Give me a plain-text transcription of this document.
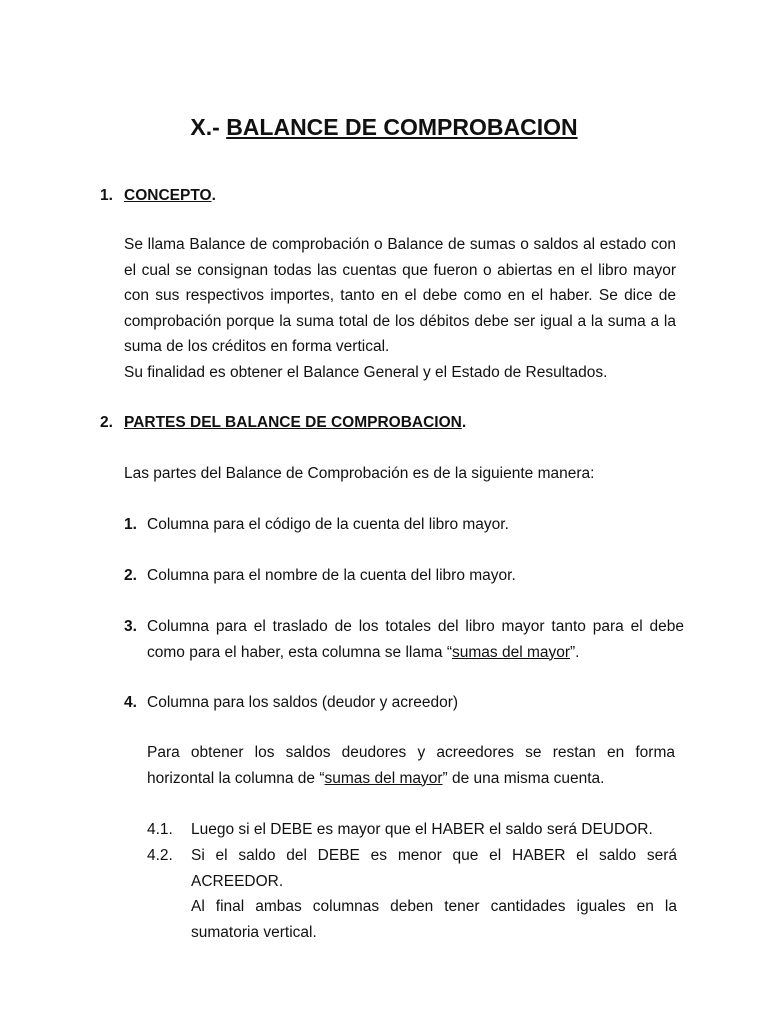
X.- BALANCE DE COMPROBACION
1. CONCEPTO.
Se llama Balance de comprobación o Balance de sumas o saldos al estado con el cual se consignan todas las cuentas que fueron o abiertas en el libro mayor con sus respectivos importes, tanto en el debe como en el haber. Se dice de comprobación porque la suma total de los débitos debe ser igual a la suma a la suma de los créditos en forma vertical.
Su finalidad es obtener el Balance General y el Estado de Resultados.
2. PARTES DEL BALANCE DE COMPROBACION.
Las partes del Balance de Comprobación es de la siguiente manera:
1. Columna para el código de la cuenta del libro mayor.
2. Columna para el nombre de la cuenta del libro mayor.
3. Columna para el traslado de los totales del libro mayor tanto para el debe como para el haber, esta columna se llama “sumas del mayor”.
4. Columna para los saldos (deudor y acreedor)
Para obtener los saldos deudores y acreedores se restan en forma horizontal la columna de “sumas del mayor” de una misma cuenta.
4.1.	Luego si el DEBE es mayor que el HABER el saldo será DEUDOR.
4.2.	Si el saldo del DEBE es menor que el HABER el saldo será ACREEDOR.
Al final ambas columnas deben tener cantidades iguales en la sumatoria vertical.
